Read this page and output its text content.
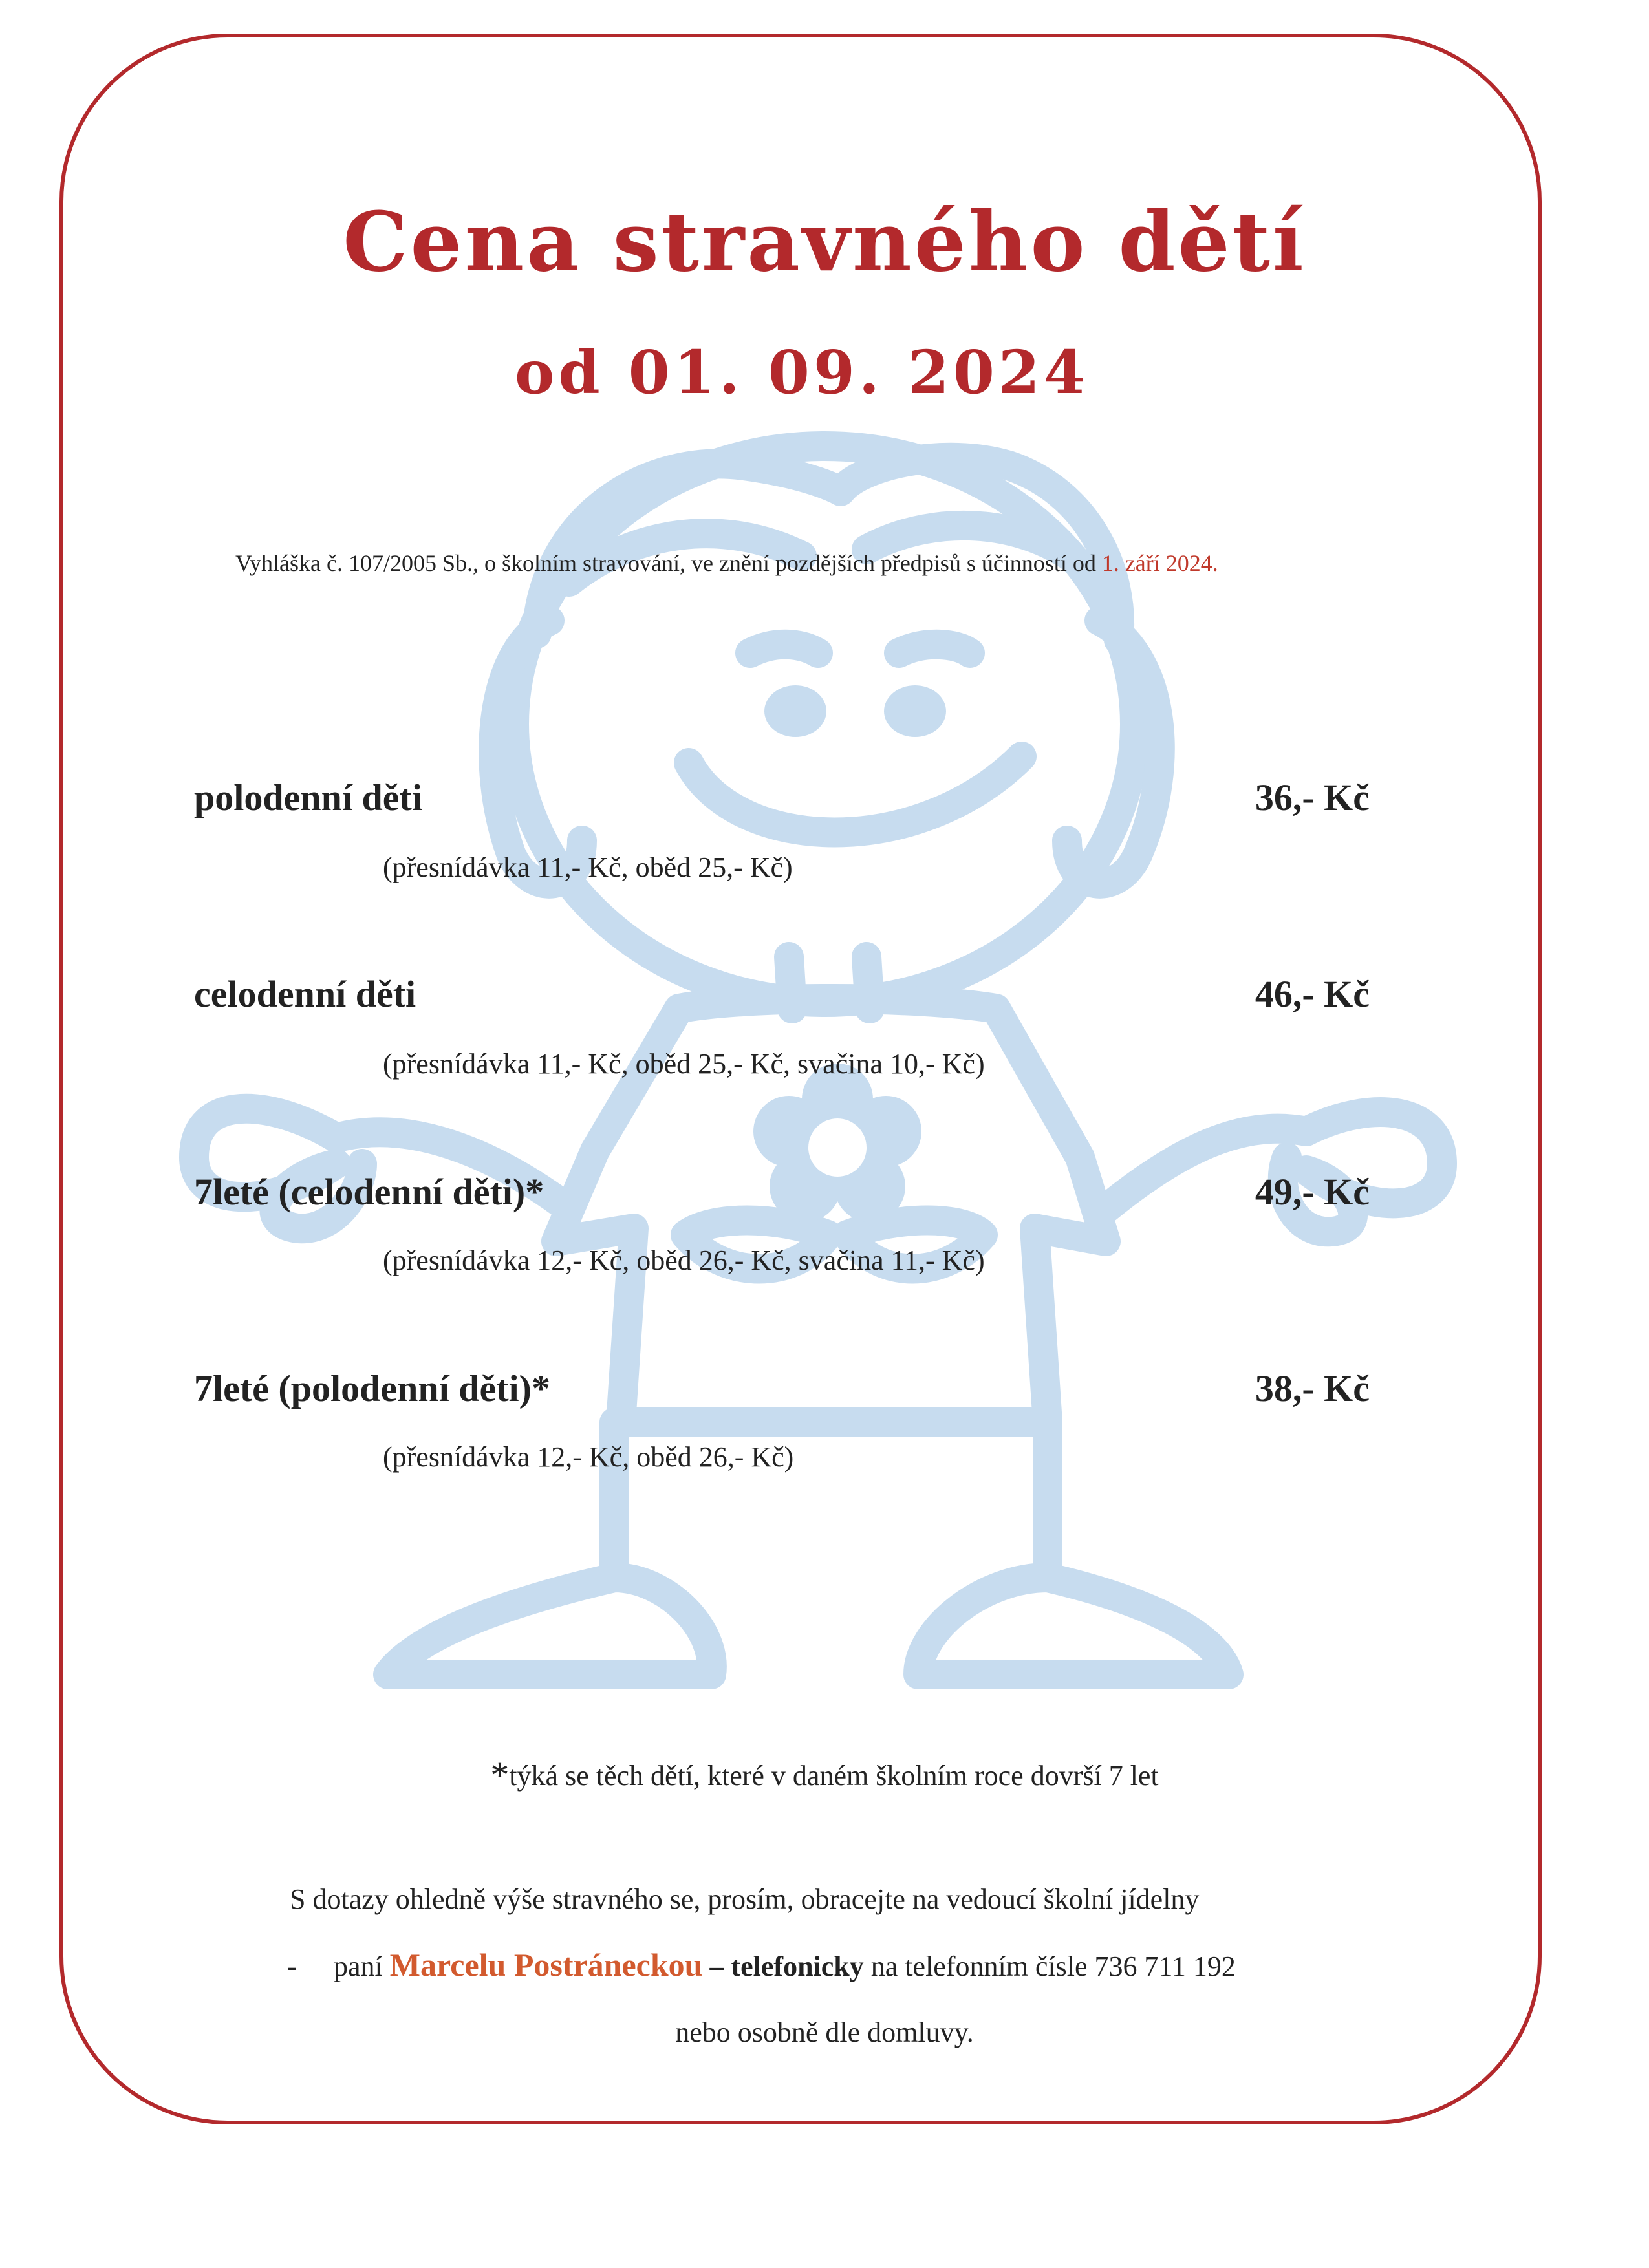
Cena stravného dětí
od 01. 09. 2024
Vyhláška č. 107/2005 Sb., o školním stravování, ve znění pozdějších předpisů s účinností od 1. září 2024.
polodenní děti	36,- Kč
(přesnídávka 11,- Kč, oběd 25,- Kč)
celodenní děti	46,- Kč
(přesnídávka 11,- Kč, oběd 25,- Kč, svačina 10,- Kč)
7leté (celodenní děti)*	49,- Kč
(přesnídávka 12,- Kč, oběd 26,- Kč, svačina 11,- Kč)
7leté (polodenní děti)*	38,- Kč
(přesnídávka 12,- Kč, oběd 26,- Kč)
*týká se těch dětí, které v daném školním roce dovrší 7 let
S dotazy ohledně výše stravného se, prosím, obracejte na vedoucí školní jídelny
- paní Marcelu Postráneckou – telefonicky na telefonním čísle 736 711 192
nebo osobně dle domluvy.
